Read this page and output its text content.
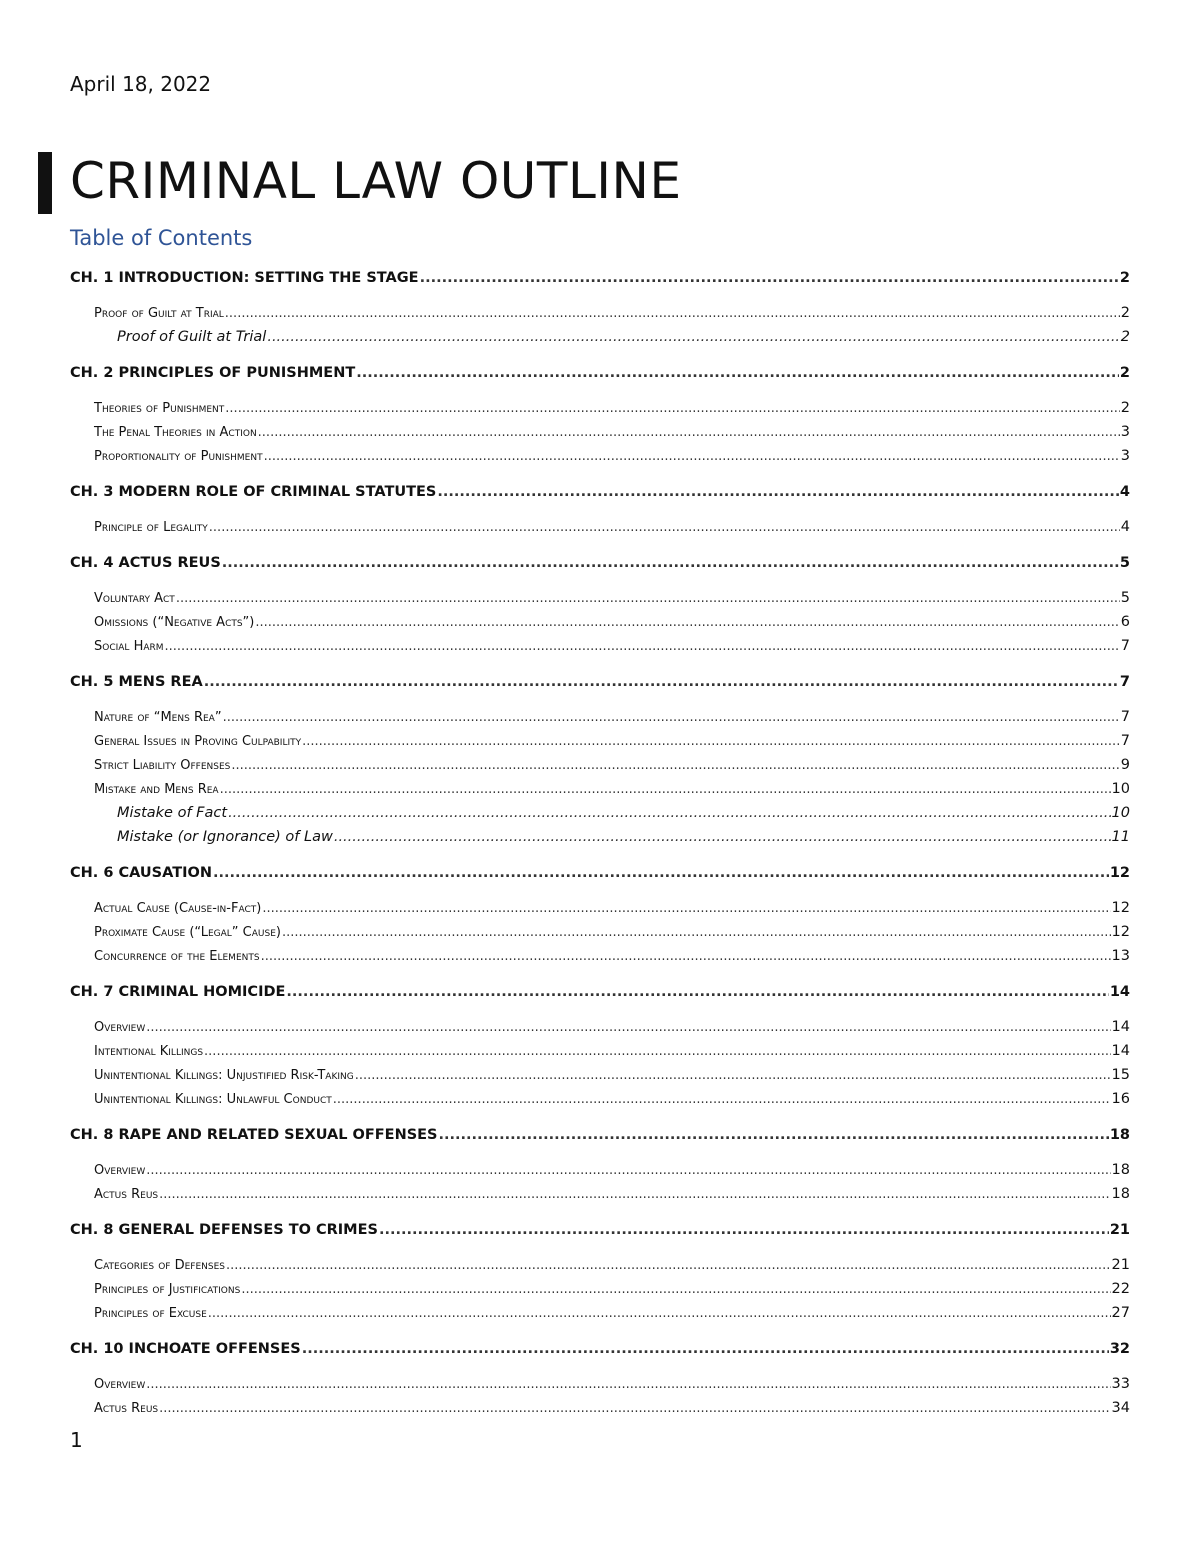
April 18, 2022
CRIMINAL LAW OUTLINE
Table of Contents
CH. 1 INTRODUCTION: SETTING THE STAGE .....	2
Proof of Guilt at Trial .....	2
Proof of Guilt at Trial .....	2
CH. 2 PRINCIPLES OF PUNISHMENT .....	2
Theories of Punishment .....	2
The Penal Theories in Action .....	3
Proportionality of Punishment .....	3
CH. 3 MODERN ROLE OF CRIMINAL STATUTES .....	4
Principle of Legality .....	4
CH. 4 ACTUS REUS .....	5
Voluntary Act .....	5
Omissions (“Negative Acts”) .....	6
Social Harm .....	7
CH. 5 MENS REA .....	7
Nature of “Mens Rea” .....	7
General Issues in Proving Culpability .....	7
Strict Liability Offenses .....	9
Mistake and Mens Rea .....	10
Mistake of Fact .....	10
Mistake (or Ignorance) of Law .....	11
CH. 6 CAUSATION .....	12
Actual Cause (Cause-in-Fact) .....	12
Proximate Cause (“Legal” Cause) .....	12
Concurrence of the Elements .....	13
CH. 7 CRIMINAL HOMICIDE .....	14
Overview .....	14
Intentional Killings .....	14
Unintentional Killings: Unjustified Risk-Taking .....	15
Unintentional Killings: Unlawful Conduct .....	16
CH. 8 RAPE AND RELATED SEXUAL OFFENSES .....	18
Overview .....	18
Actus Reus .....	18
CH. 8 GENERAL DEFENSES TO CRIMES .....	21
Categories of Defenses .....	21
Principles of Justifications .....	22
Principles of Excuse .....	27
CH. 10 INCHOATE OFFENSES .....	32
Overview .....	33
Actus Reus .....	34
1
